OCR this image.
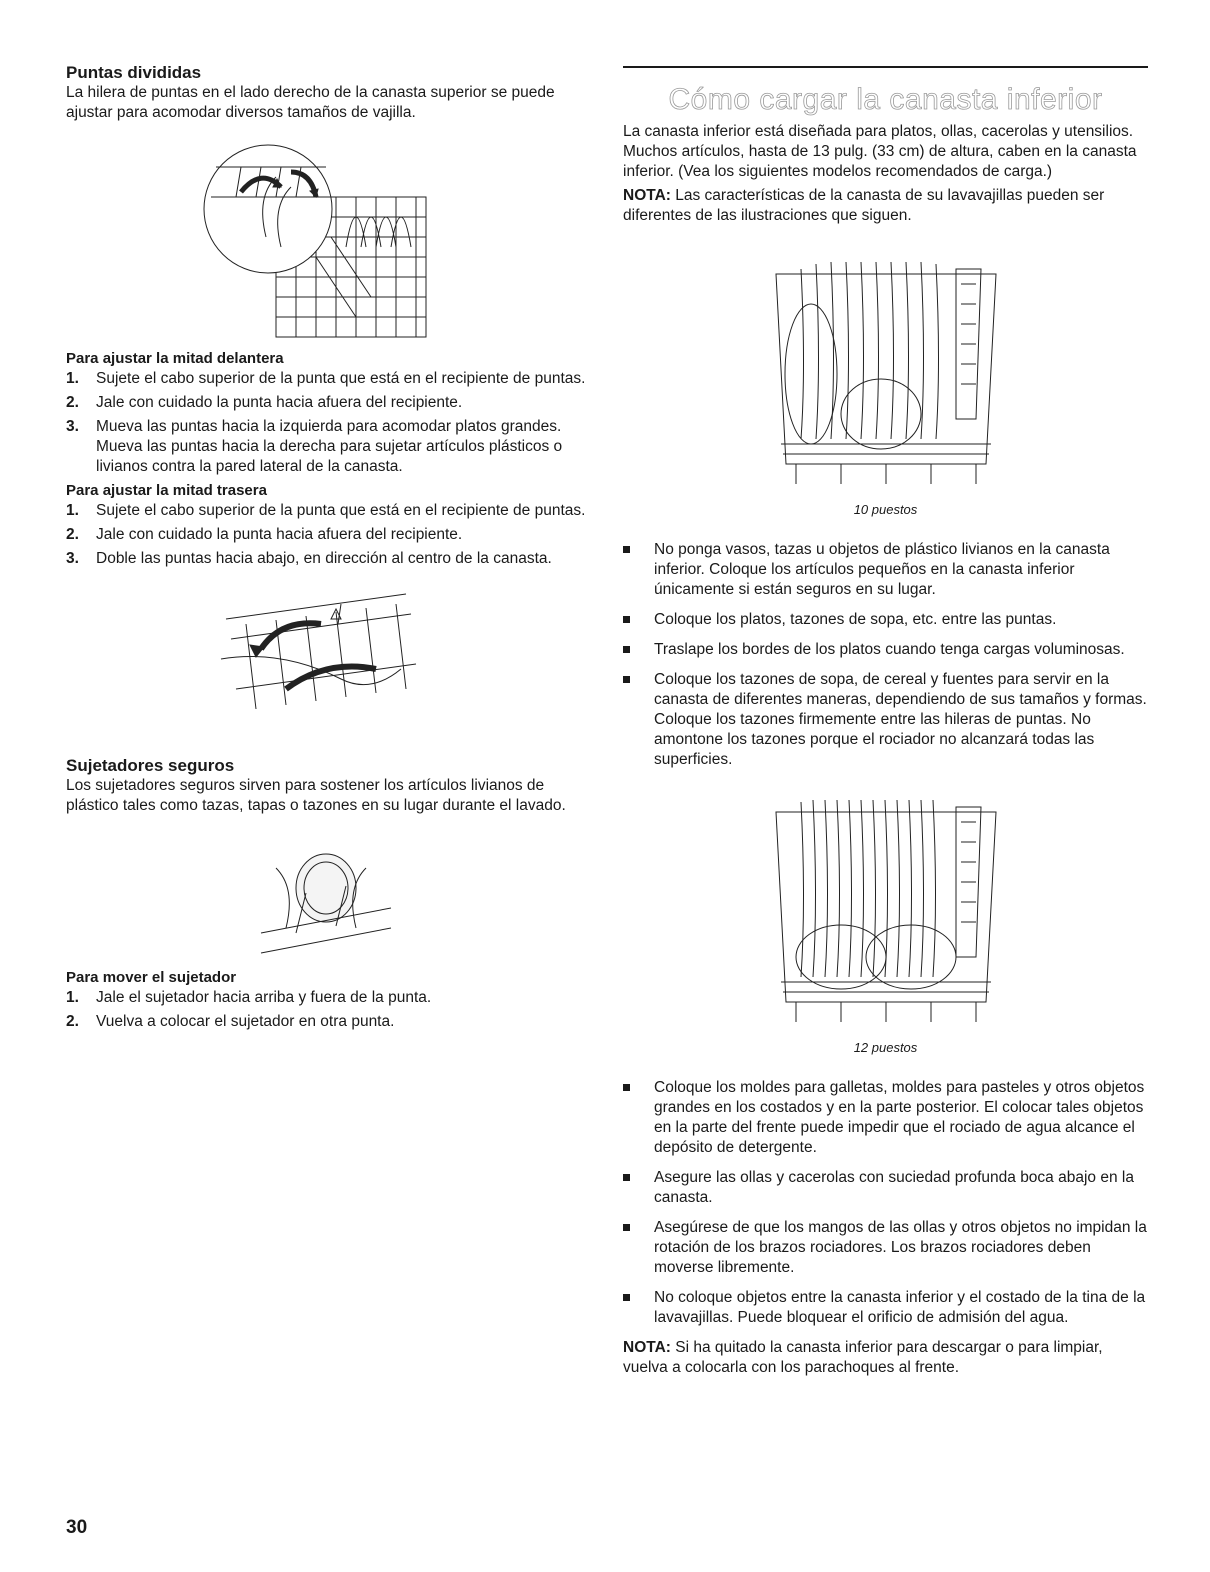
Puntas divididas

La hilera de puntas en el lado derecho de la canasta superior se puede ajustar para acomodar diversos tamaños de vajilla.

Para ajustar la mitad delantera
1. Sujete el cabo superior de la punta que está en el recipiente de puntas.
2. Jale con cuidado la punta hacia afuera del recipiente.
3. Mueva las puntas hacia la izquierda para acomodar platos grandes. Mueva las puntas hacia la derecha para sujetar artículos plásticos o livianos contra la pared lateral de la canasta.
Para ajustar la mitad trasera
1. Sujete el cabo superior de la punta que está en el recipiente de puntas.
2. Jale con cuidado la punta hacia afuera del recipiente.
3. Doble las puntas hacia abajo, en dirección al centro de la canasta.
Sujetadores seguros

Los sujetadores seguros sirven para sostener los artículos livianos de plástico tales como tazas, tapas o tazones en su lugar durante el lavado.

Para mover el sujetador
1. Jale el sujetador hacia arriba y fuera de la punta.
2. Vuelva a colocar el sujetador en otra punta.
Cómo cargar la canasta inferior

La canasta inferior está diseñada para platos, ollas, cacerolas y utensilios. Muchos artículos, hasta de 13 pulg. (33 cm) de altura, caben en la canasta inferior. (Vea los siguientes modelos recomendados de carga.)

NOTA: Las características de la canasta de su lavavajillas pueden ser diferentes de las ilustraciones que siguen.

10 puestos
No ponga vasos, tazas u objetos de plástico livianos en la canasta inferior. Coloque los artículos pequeños en la canasta inferior únicamente si están seguros en su lugar.
Coloque los platos, tazones de sopa, etc. entre las puntas.
Traslape los bordes de los platos cuando tenga cargas voluminosas.
Coloque los tazones de sopa, de cereal y fuentes para servir en la canasta de diferentes maneras, dependiendo de sus tamaños y formas. Coloque los tazones firmemente entre las hileras de puntas. No amontone los tazones porque el rociador no alcanzará todas las superficies.
12 puestos
Coloque los moldes para galletas, moldes para pasteles y otros objetos grandes en los costados y en la parte posterior. El colocar tales objetos en la parte del frente puede impedir que el rociado de agua alcance el depósito de detergente.
Asegure las ollas y cacerolas con suciedad profunda boca abajo en la canasta.
Asegúrese de que los mangos de las ollas y otros objetos no impidan la rotación de los brazos rociadores. Los brazos rociadores deben moverse libremente.
No coloque objetos entre la canasta inferior y el costado de la tina de la lavavajillas. Puede bloquear el orificio de admisión del agua.

NOTA: Si ha quitado la canasta inferior para descargar o para limpiar, vuelva a colocarla con los parachoques al frente.

30
